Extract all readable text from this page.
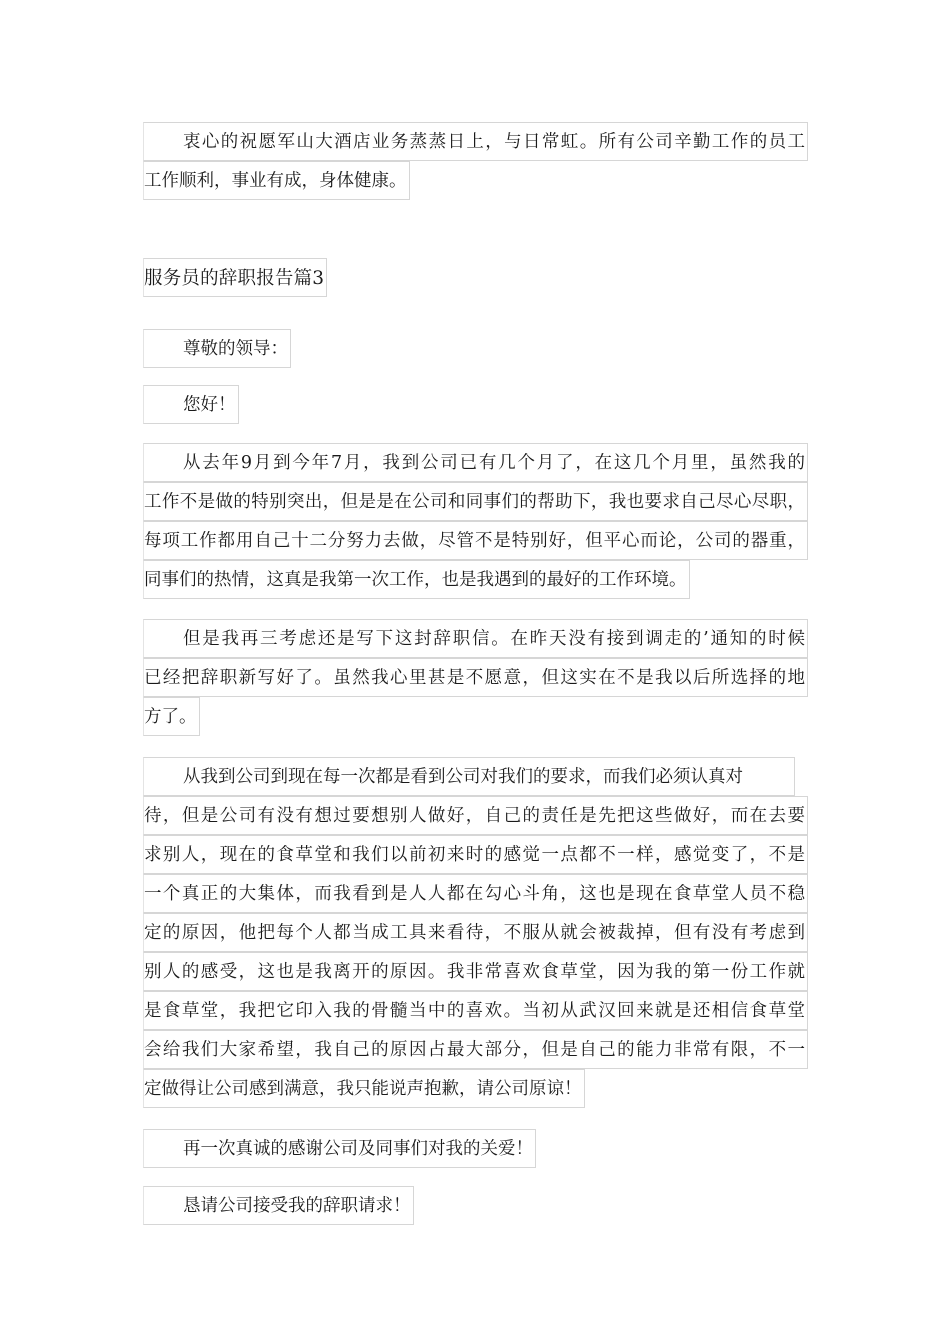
衷心的祝愿军山大酒店业务蒸蒸日上，与日常虹。所有公司辛勤工作的员工
工作顺利，事业有成，身体健康。
服务员的辞职报告篇3
尊敬的领导：
您好！
从去年9月到今年7月，我到公司已有几个月了，在这几个月里，虽然我的
工作不是做的特别突出，但是是在公司和同事们的帮助下，我也要求自己尽心尽职，
每项工作都用自己十二分努力去做，尽管不是特别好，但平心而论，公司的器重，
同事们的热情，这真是我第一次工作，也是我遇到的最好的工作环境。
但是我再三考虑还是写下这封辞职信。在昨天没有接到调走的’通知的时候
已经把辞职新写好了。虽然我心里甚是不愿意，但这实在不是我以后所选择的地
方了。
从我到公司到现在每一次都是看到公司对我们的要求，而我们必须认真对
待，但是公司有没有想过要想别人做好，自己的责任是先把这些做好，而在去要
求别人，现在的食草堂和我们以前初来时的感觉一点都不一样，感觉变了，不是
一个真正的大集体，而我看到是人人都在勾心斗角，这也是现在食草堂人员不稳
定的原因，他把每个人都当成工具来看待，不服从就会被裁掉，但有没有考虑到
别人的感受，这也是我离开的原因。我非常喜欢食草堂，因为我的第一份工作就
是食草堂，我把它印入我的骨髓当中的喜欢。当初从武汉回来就是还相信食草堂
会给我们大家希望，我自己的原因占最大部分，但是自己的能力非常有限，不一
定做得让公司感到满意，我只能说声抱歉，请公司原谅！
再一次真诚的感谢公司及同事们对我的关爱！
恳请公司接受我的辞职请求！
